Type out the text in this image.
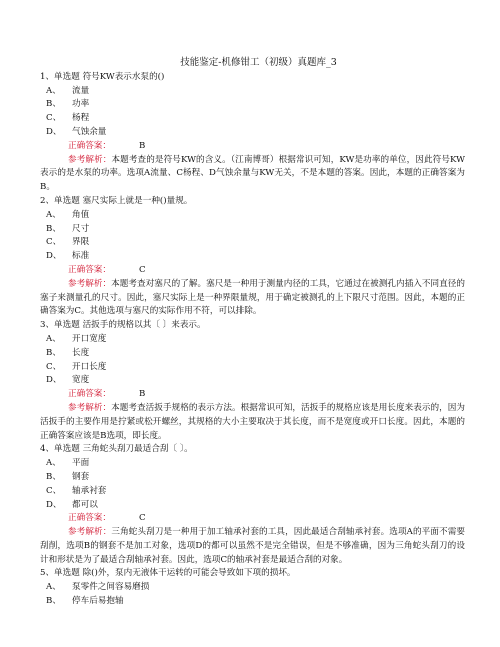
技能鉴定-机修钳工（初级）真题库_3
1、单选题 符号KW表示水泵的()
A、 流量
B、 功率
C、 杨程
D、 气蚀余量
正确答案：	B
参考解析：本题考查的是符号KW的含义。（江南博哥）根据常识可知，KW是功率的单位，因此符号KW表示的是水泵的功率。选项A流量、C杨程、D气蚀余量与KW无关，不是本题的答案。因此，本题的正确答案为B。
2、单选题 塞尺实际上就是一种()量规。
A、 角值
B、 尺寸
C、 界限
D、 标准
正确答案：	C
参考解析：本题考查对塞尺的了解。塞尺是一种用于测量内径的工具，它通过在被测孔内插入不同直径的塞子来测量孔的尺寸。因此，塞尺实际上是一种界限量规，用于确定被测孔的上下限尺寸范围。因此，本题的正确答案为C。其他选项与塞尺的实际作用不符，可以排除。
3、单选题 活扳手的规格以其〔 〕来表示。
A、 开口宽度
B、 长度
C、 开口长度
D、 宽度
正确答案：	B
参考解析：本题考查活扳手规格的表示方法。根据常识可知，活扳手的规格应该是用长度来表示的，因为活扳手的主要作用是拧紧或松开螺丝，其规格的大小主要取决于其长度，而不是宽度或开口长度。因此，本题的正确答案应该是B选项，即长度。
4、单选题 三角蛇头刮刀最适合刮〔 〕。
A、 平面
B、 钢套
C、 轴承衬套
D、 都可以
正确答案：	C
参考解析：三角蛇头刮刀是一种用于加工轴承衬套的工具，因此最适合刮轴承衬套。选项A的平面不需要刮削，选项B的钢套不是加工对象，选项D的都可以虽然不是完全错误，但是不够准确，因为三角蛇头刮刀的设计和形状是为了最适合刮轴承衬套。因此，选项C的轴承衬套是最适合刮的对象。
5、单选题 除()外，泵内无液体干运转的可能会导致如下项的损坏。
A、 泵零件之间容易磨损
B、 停车后易抱轴
